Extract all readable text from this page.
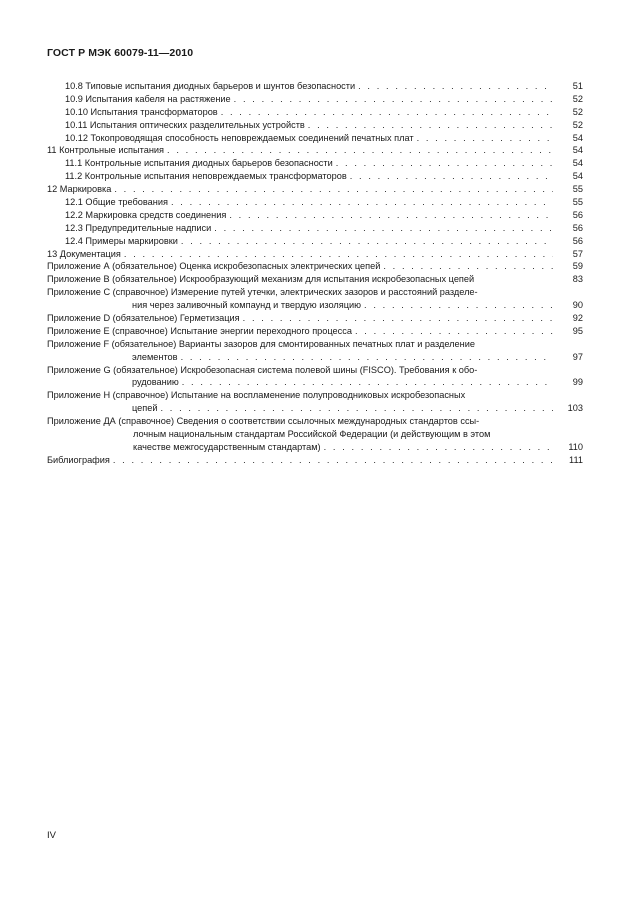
ГОСТ Р МЭК 60079-11—2010
10.8 Типовые испытания диодных барьеров и шунтов безопасности . . .	51
10.9 Испытания кабеля на растяжение . . .	52
10.10 Испытания трансформаторов . . .	52
10.11 Испытания оптических разделительных устройств . . .	52
10.12 Токопроводящая способность неповреждаемых соединений печатных плат . . .	54
11 Контрольные испытания . . .	54
11.1 Контрольные испытания диодных барьеров безопасности . . .	54
11.2 Контрольные испытания неповреждаемых трансформаторов . . .	54
12 Маркировка . . .	55
12.1 Общие требования . . .	55
12.2 Маркировка средств соединения . . .	56
12.3 Предупредительные надписи . . .	56
12.4 Примеры маркировки . . .	56
13 Документация . . .	57
Приложение А (обязательное) Оценка искробезопасных электрических цепей . . .	59
Приложение В (обязательное) Искрообразующий механизм для испытания искробезопасных цепей	83
Приложение С (справочное) Измерение путей утечки, электрических зазоров и расстояний разделе-
ния через заливочный компаунд и твердую изоляцию . . .	90
Приложение D (обязательное) Герметизация . . .	92
Приложение Е (справочное) Испытание энергии переходного процесса . . .	95
Приложение F (обязательное) Варианты зазоров для смонтированных печатных плат и разделение
элементов . . .	97
Приложение G (обязательное) Искробезопасная система полевой шины (FISCO). Требования к обо-
рудованию . . .	99
Приложение Н (справочное) Испытание на воспламенение полупроводниковых искробезопасных
цепей . . .	103
Приложение ДА (справочное) Сведения о соответствии ссылочных международных стандартов ссы-
лочным национальным стандартам Российской Федерации (и действующим в этом
качестве межгосударственным стандартам) . . .	110
Библиография . . .	111
IV
